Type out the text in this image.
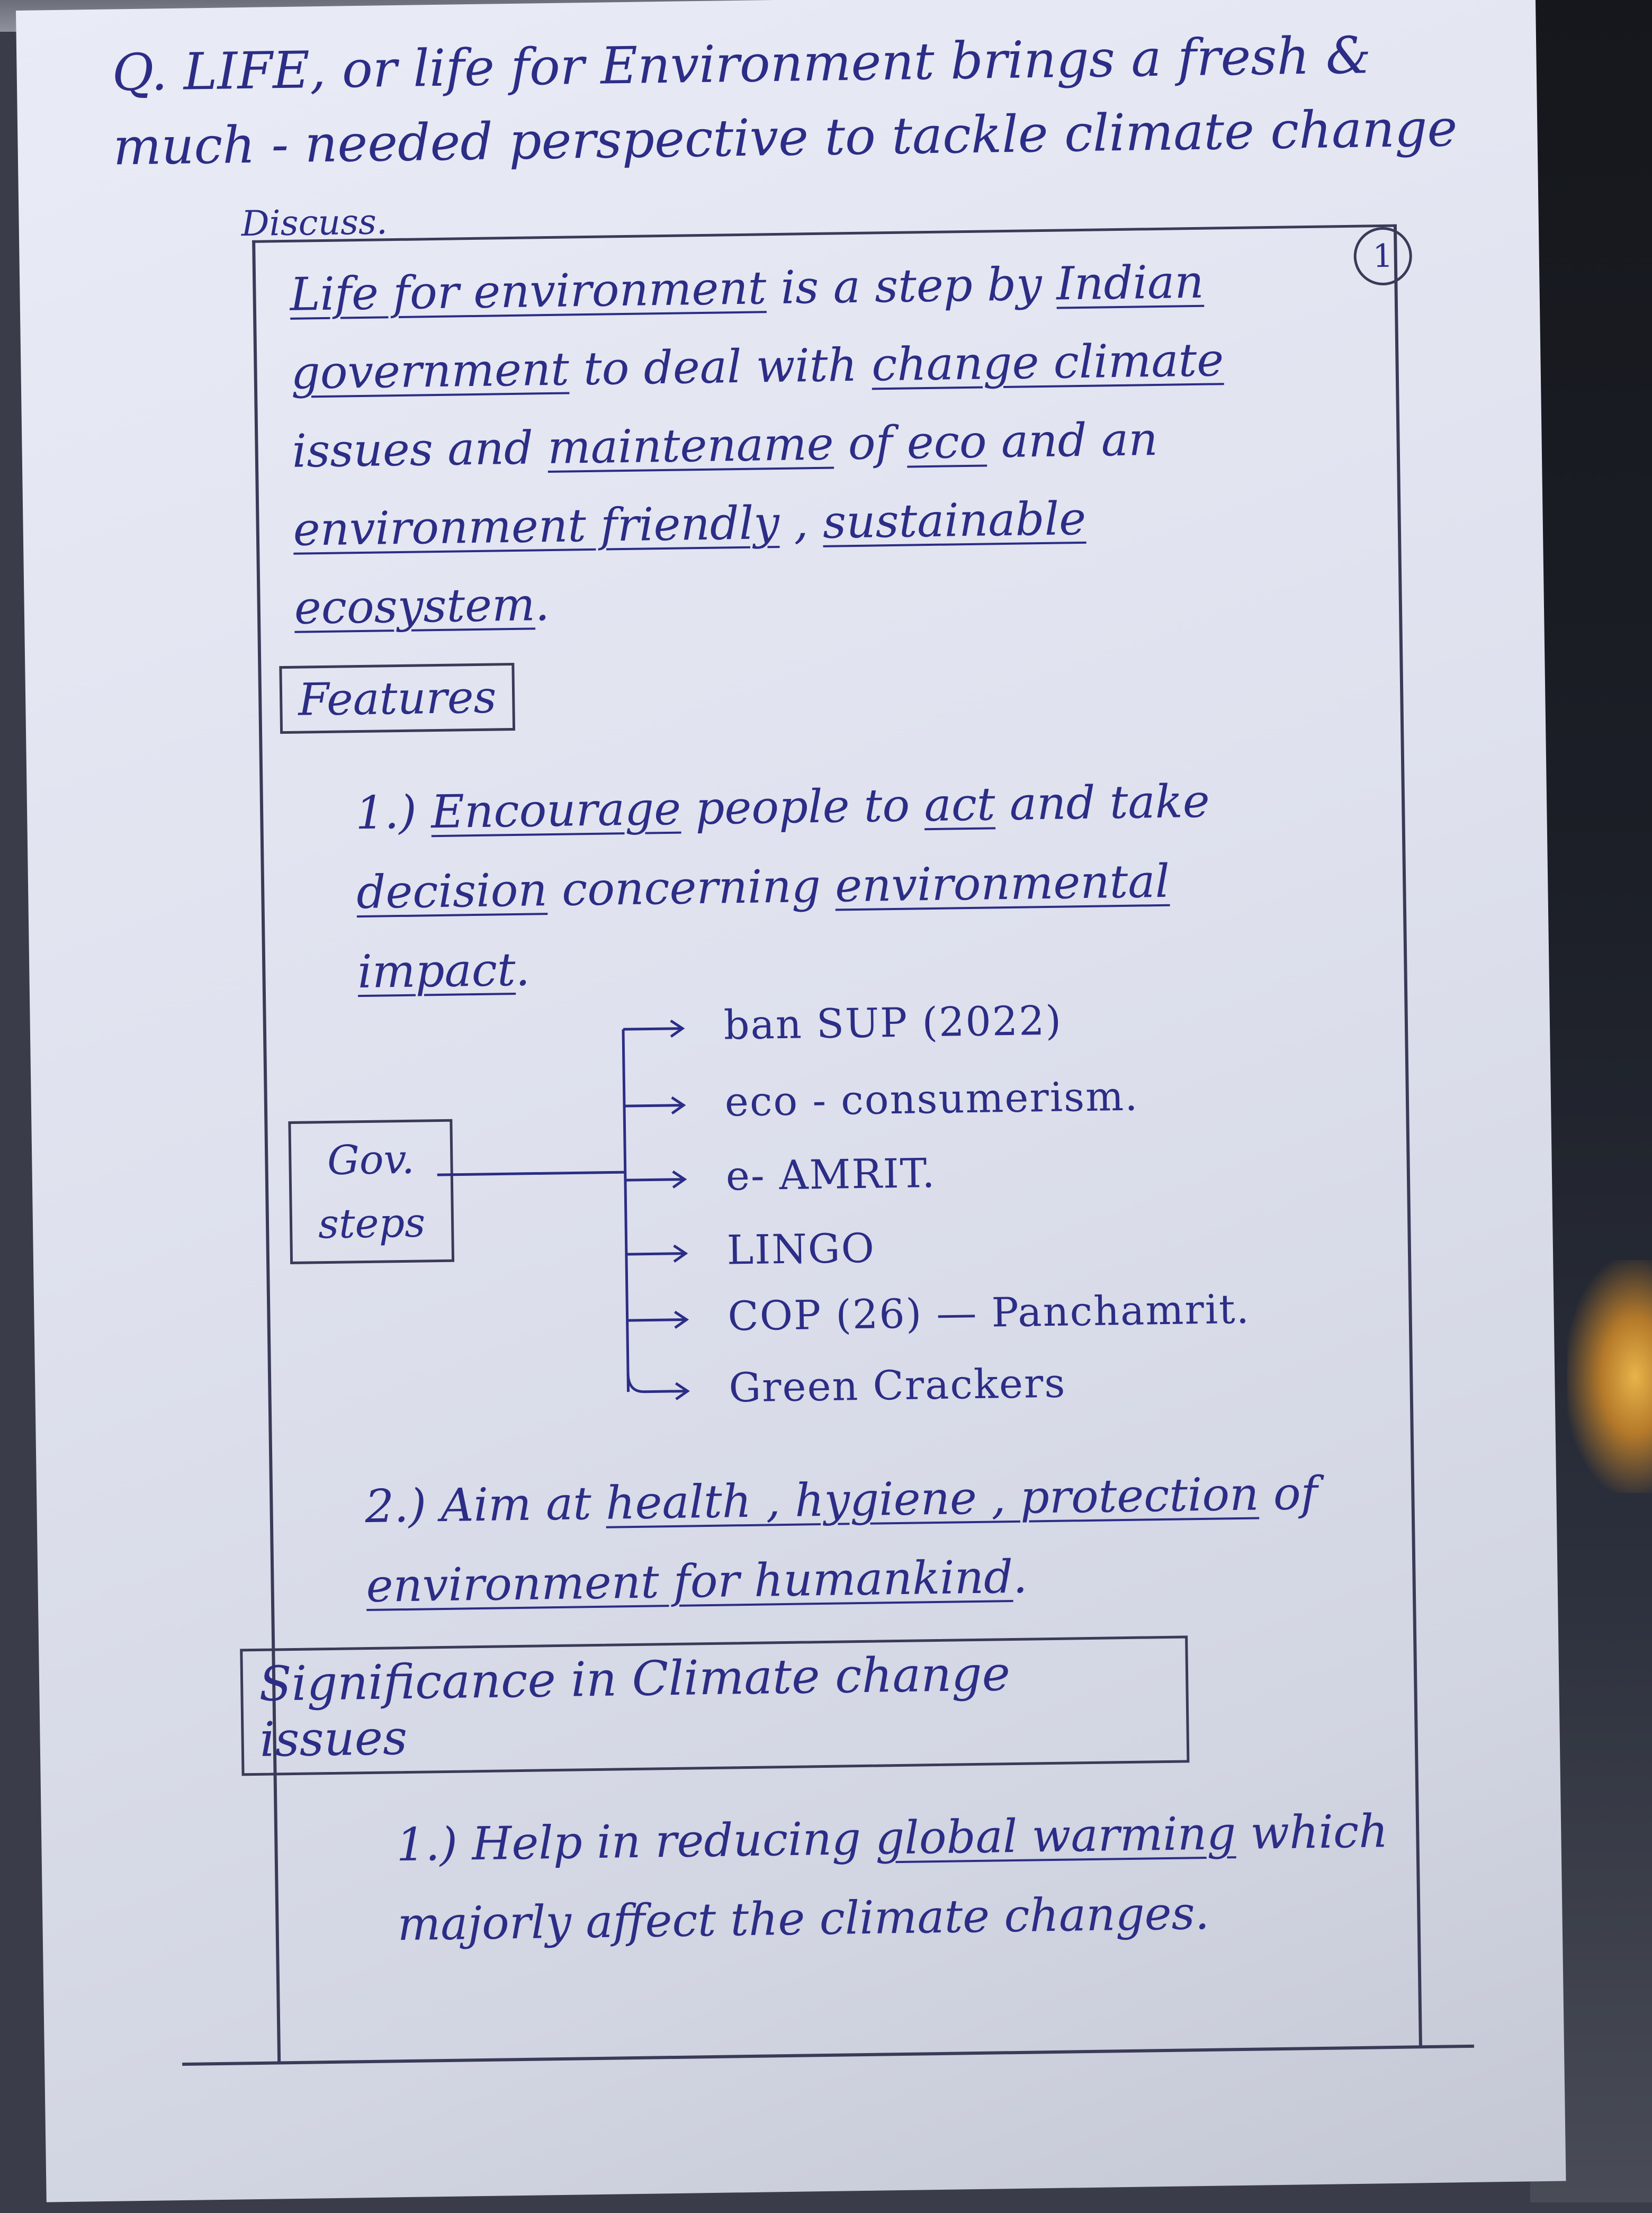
Q. LIFE, or life for Environment brings a fresh & much - needed perspective to tackle climate change
Discuss.
1
Life for environment is a step by Indian government to deal with change climate issues and maintename of eco and an environment friendly , sustainable ecosystem.
Features
1.) Encourage people to act and take decision concerning environmental impact.
Gov. steps
ban SUP (2022)
eco - consumerism.
e- AMRIT.
LINGO
COP (26) — Panchamrit.
Green Crackers
2.) Aim at health , hygiene , protection of environment for humankind.
Significance in Climate change issues
1.) Help in reducing global warming which majorly affect the climate changes.
